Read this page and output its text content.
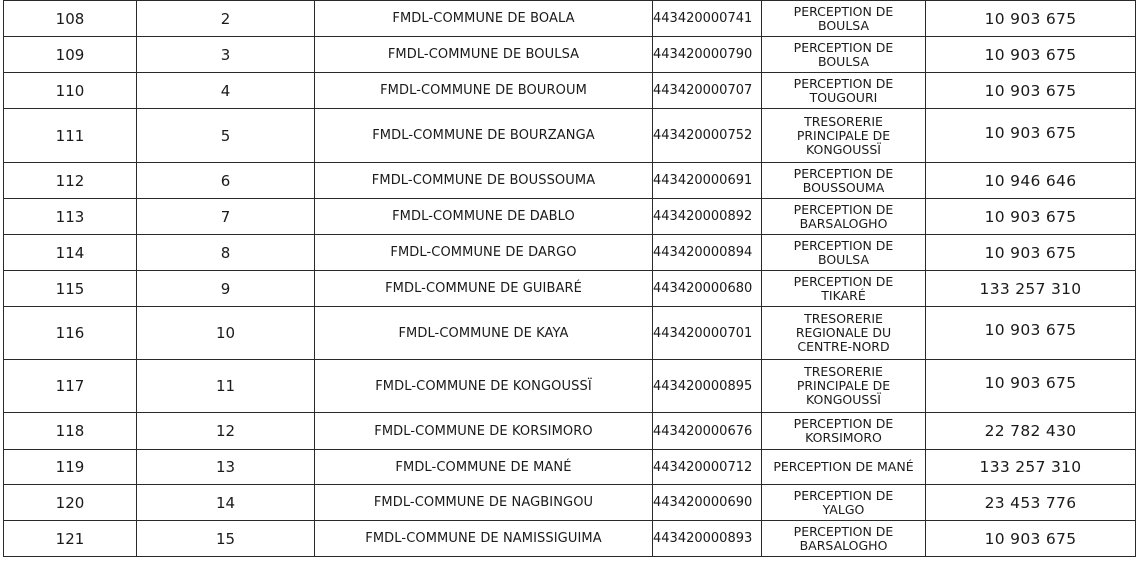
108	2	FMDL-COMMUNE DE BOALA	443420000741	PERCEPTION DE
BOULSA	10 903 675
109	3	FMDL-COMMUNE DE BOULSA	443420000790	PERCEPTION DE
BOULSA	10 903 675
110	4	FMDL-COMMUNE DE BOUROUM	443420000707	PERCEPTION DE
TOUGOURI	10 903 675
111	5	FMDL-COMMUNE DE BOURZANGA	443420000752	TRESORERIE
PRINCIPALE DE
KONGOUSSÏ	10 903 675
112	6	FMDL-COMMUNE DE BOUSSOUMA	443420000691	PERCEPTION DE
BOUSSOUMA	10 946 646
113	7	FMDL-COMMUNE DE DABLO	443420000892	PERCEPTION DE
BARSALOGHO	10 903 675
114	8	FMDL-COMMUNE DE DARGO	443420000894	PERCEPTION DE
BOULSA	10 903 675
115	9	FMDL-COMMUNE DE GUIBARÉ	443420000680	PERCEPTION DE
TIKARÉ	133 257 310
116	10	FMDL-COMMUNE DE KAYA	443420000701	TRESORERIE
REGIONALE DU
CENTRE-NORD	10 903 675
117	11	FMDL-COMMUNE DE KONGOUSSÏ	443420000895	TRESORERIE
PRINCIPALE DE
KONGOUSSÏ	10 903 675
118	12	FMDL-COMMUNE DE KORSIMORO	443420000676	PERCEPTION DE
KORSIMORO	22 782 430
119	13	FMDL-COMMUNE DE MANÉ	443420000712	PERCEPTION DE MANÉ	133 257 310
120	14	FMDL-COMMUNE DE NAGBINGOU	443420000690	PERCEPTION DE
YALGO	23 453 776
121	15	FMDL-COMMUNE DE NAMISSIGUIMA	443420000893	PERCEPTION DE
BARSALOGHO	10 903 675
